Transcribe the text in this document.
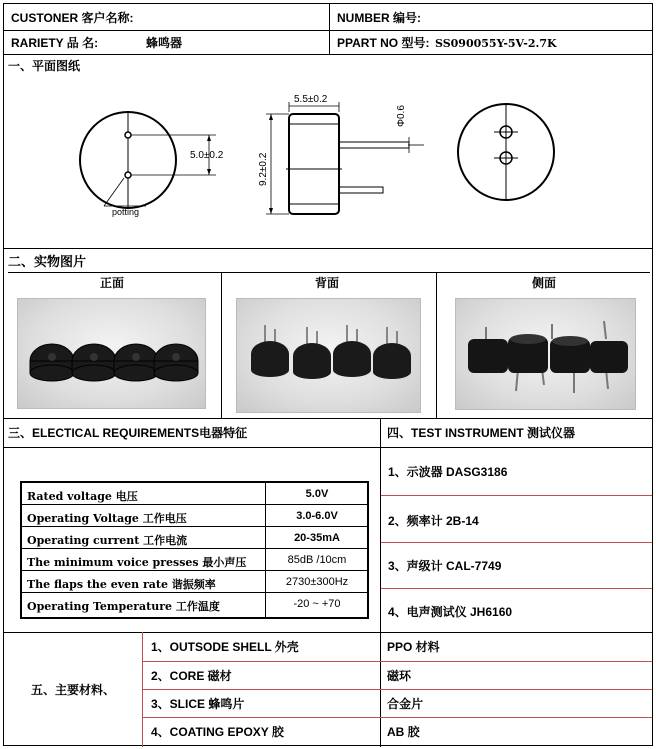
CUSTONER 客户名称:	NUMBER 编号:
RARIETY 品 名:	蜂鸣器	PPART NO 型号: SS090055Y-5V-2.7K
一、平面图纸
5.0±0.2
potting
Φ0.6
5.5±0.2
9.2±0.2
二、实物图片
正面	背面	侧面
三、ELECTICAL REQUIREMENTS电器特征	四、TEST INSTRUMENT 测试仪器
Rated voltage 电压	5.0V
Operating Voltage 工作电压	3.0-6.0V
Operating current 工作电流	20-35mA
The minimum voice presses 最小声压	85dB /10cm
The flaps the even rate 谐振频率	2730±300Hz
Operating Temperature 工作温度	-20 ~ +70
1、示波器 DASG3186
2、频率计 2B-14
3、声级计 CAL-7749
4、电声测试仪 JH6160
五、主要材料、
1、OUTSODE SHELL 外壳	PPO 材料
2、CORE 磁材	磁环
3、SLICE 蜂鸣片	合金片
4、COATING EPOXY 胶	AB 胶
